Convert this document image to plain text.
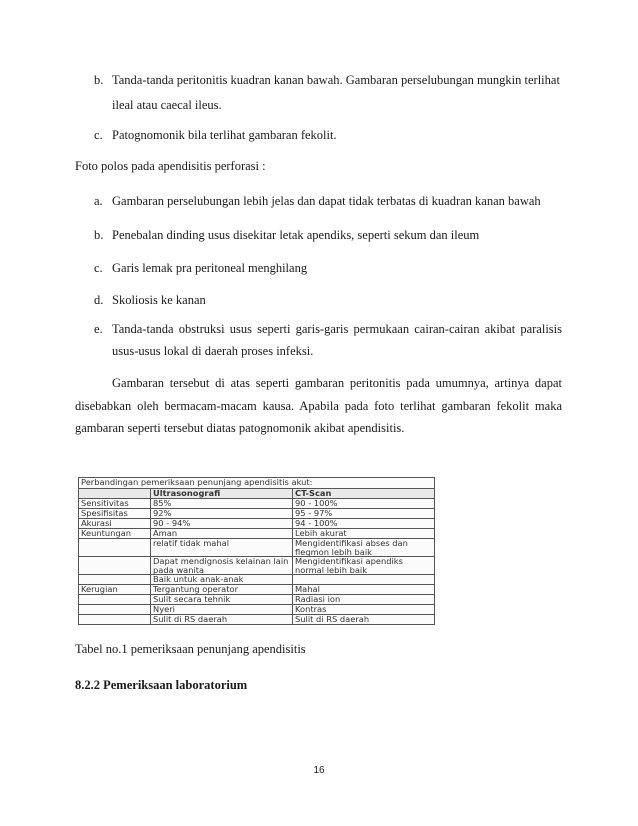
b. Tanda-tanda peritonitis kuadran kanan bawah. Gambaran perselubungan mungkin terlihat
ileal atau caecal ileus.
c. Patognomonik bila terlihat gambaran fekolit.
Foto polos pada apendisitis perforasi :
a. Gambaran perselubungan lebih jelas dan dapat tidak terbatas di kuadran kanan bawah
b. Penebalan dinding usus disekitar letak apendiks, seperti sekum dan ileum
c. Garis lemak pra peritoneal menghilang
d. Skoliosis ke kanan
e. Tanda-tanda obstruksi usus seperti garis-garis permukaan cairan-cairan akibat paralisis
usus-usus lokal di daerah proses infeksi.
Gambaran tersebut di atas seperti gambaran peritonitis pada umumnya, artinya dapat
disebabkan oleh bermacam-macam kausa. Apabila pada foto terlihat gambaran fekolit maka
gambaran seperti tersebut diatas patognomonik akibat apendisitis.
Perbandingan pemeriksaan penunjang apendisitis akut:		
	Ultrasonografi	CT-Scan
Sensitivitas	85%	90 - 100%
Spesifisitas	92%	95 - 97%
Akurasi	90 - 94%	94 - 100%
Keuntungan	Aman	Lebih akurat
	relatif tidak mahal	Mengidentifikasi abses dan flegmon lebih baik
	Dapat mendignosis kelainan lain pada wanita	Mengidentifikasi apendiks normal lebih baik
	Baik untuk anak-anak	
Kerugian	Tergantung operator	Mahal
	Sulit secara tehnik	Radiasi ion
	Nyeri	Kontras
	Sulit di RS daerah	Sulit di RS daerah
Tabel no.1 pemeriksaan penunjang apendisitis
8.2.2 Pemeriksaan laboratorium
16
